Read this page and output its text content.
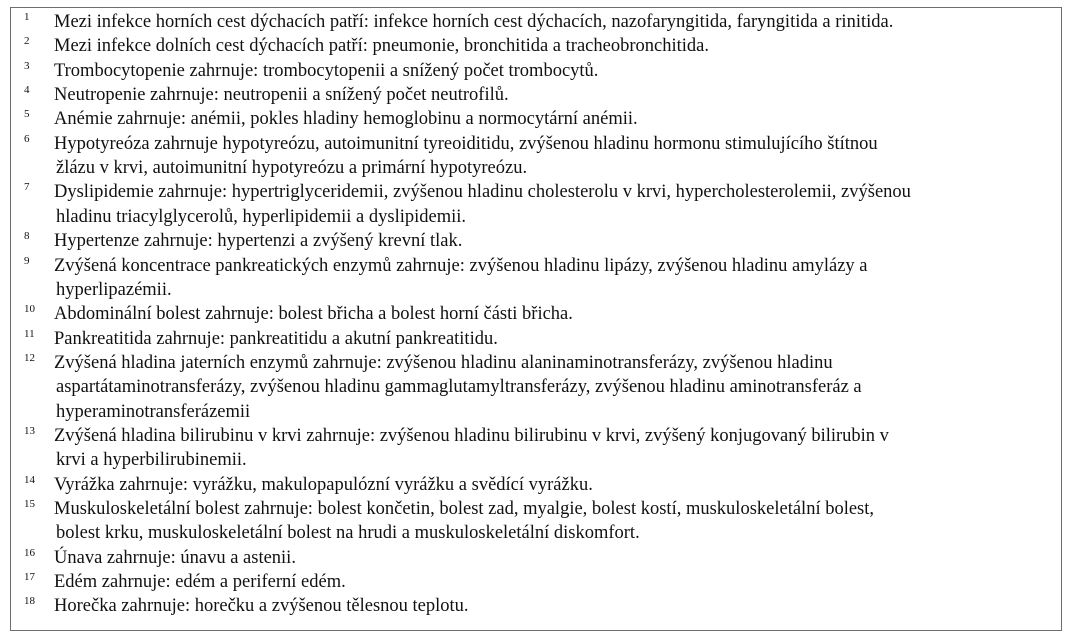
1 Mezi infekce horních cest dýchacích patří: infekce horních cest dýchacích, nazofaryngitida, faryngitida a rinitida.
2 Mezi infekce dolních cest dýchacích patří: pneumonie, bronchitida a tracheobronchitida.
3 Trombocytopenie zahrnuje: trombocytopenii a snížený počet trombocytů.
4 Neutropenie zahrnuje: neutropenii a snížený počet neutrofilů.
5 Anémie zahrnuje: anémii, pokles hladiny hemoglobinu a normocytární anémii.
6 Hypotyreóza zahrnuje hypotyreózu, autoimunitní tyreoiditidu, zvýšenou hladinu hormonu stimulujícího štítnou
žlázu v krvi, autoimunitní hypotyreózu a primární hypotyreózu.
7 Dyslipidemie zahrnuje: hypertriglyceridemii, zvýšenou hladinu cholesterolu v krvi, hypercholesterolemii, zvýšenou
hladinu triacylglycerolů, hyperlipidemii a dyslipidemii.
8 Hypertenze zahrnuje: hypertenzi a zvýšený krevní tlak.
9 Zvýšená koncentrace pankreatických enzymů zahrnuje: zvýšenou hladinu lipázy, zvýšenou hladinu amylázy a
hyperlipazémii.
10 Abdominální bolest zahrnuje: bolest břicha a bolest horní části břicha.
11 Pankreatitida zahrnuje: pankreatitidu a akutní pankreatitidu.
12 Zvýšená hladina jaterních enzymů zahrnuje: zvýšenou hladinu alaninaminotransferázy, zvýšenou hladinu
aspartátaminotransferázy, zvýšenou hladinu gammaglutamyltransferázy, zvýšenou hladinu aminotransferáz a
hyperaminotransferázemii
13 Zvýšená hladina bilirubinu v krvi zahrnuje: zvýšenou hladinu bilirubinu v krvi, zvýšený konjugovaný bilirubin v
krvi a hyperbilirubinemii.
14 Vyrážka zahrnuje: vyrážku, makulopapulózní vyrážku a svědící vyrážku.
15 Muskuloskeletální bolest zahrnuje: bolest končetin, bolest zad, myalgie, bolest kostí, muskuloskeletální bolest,
bolest krku, muskuloskeletální bolest na hrudi a muskuloskeletální diskomfort.
16 Únava zahrnuje: únavu a astenii.
17 Edém zahrnuje: edém a periferní edém.
18 Horečka zahrnuje: horečku a zvýšenou tělesnou teplotu.
